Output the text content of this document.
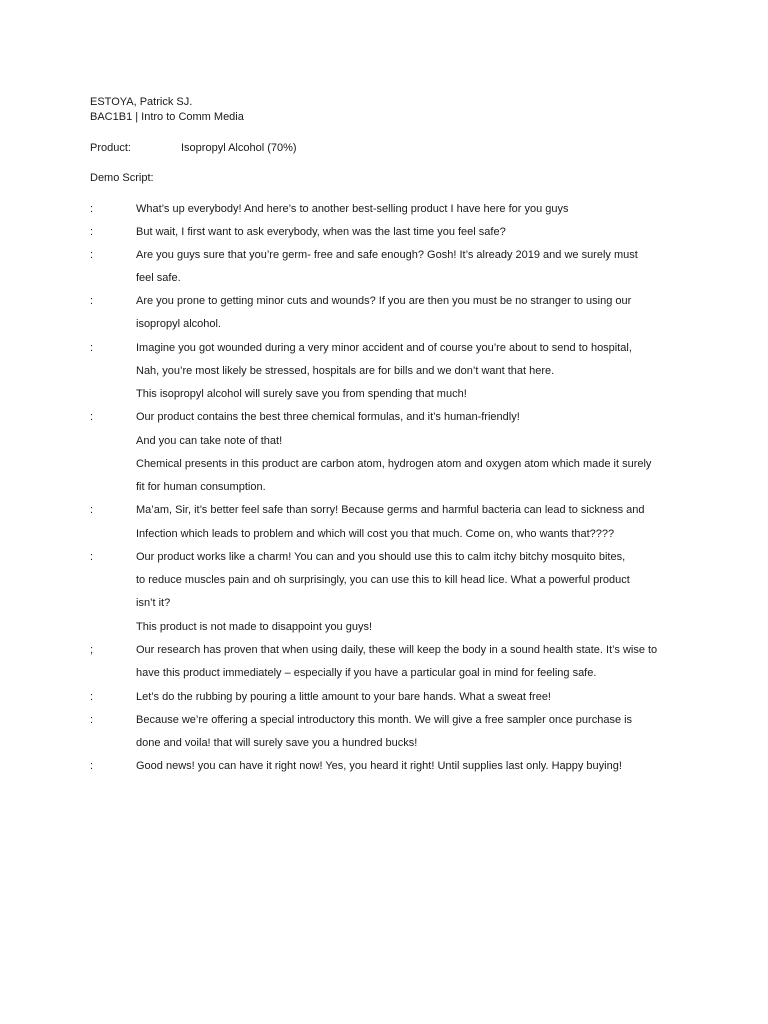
ESTOYA, Patrick SJ.
BAC1B1 | Intro to Comm Media
Product:	Isopropyl Alcohol (70%)
Demo Script:
:	What’s up everybody! And here’s to another best-selling product I have here for you guys
:	But wait, I first want to ask everybody, when was the last time you feel safe?
:	Are you guys sure that you’re germ- free and safe enough? Gosh! It’s already 2019 and we surely must
feel safe.
:	Are you prone to getting minor cuts and wounds? If you are then you must be no stranger to using our
isopropyl alcohol.
:	Imagine you got wounded during a very minor accident and of course you’re about to send to hospital,
Nah, you’re most likely be stressed, hospitals are for bills and we don’t want that here.
This isopropyl alcohol will surely save you from spending that much!
:	Our product contains the best three chemical formulas, and it’s human-friendly!
And you can take note of that!
Chemical presents in this product are carbon atom, hydrogen atom and oxygen atom which made it surely
fit for human consumption.
:	Ma’am, Sir, it’s better feel safe than sorry! Because germs and harmful bacteria can lead to sickness and
Infection which leads to problem and which will cost you that much. Come on, who wants that????
:	Our product works like a charm! You can and you should use this to calm itchy bitchy mosquito bites,
to reduce muscles pain and oh surprisingly, you can use this to kill head lice. What a powerful product
isn’t it?
This product is not made to disappoint you guys!
;	Our research has proven that when using daily, these will keep the body in a sound health state. It’s wise to
have this product immediately – especially if you have a particular goal in mind for feeling safe.
:	Let’s do the rubbing by pouring a little amount to your bare hands. What a sweat free!
:	Because we’re offering a special introductory this month. We will give a free sampler once purchase is
done and voila! that will surely save you a hundred bucks!
:	Good news! you can have it right now! Yes, you heard it right! Until supplies last only. Happy buying!
